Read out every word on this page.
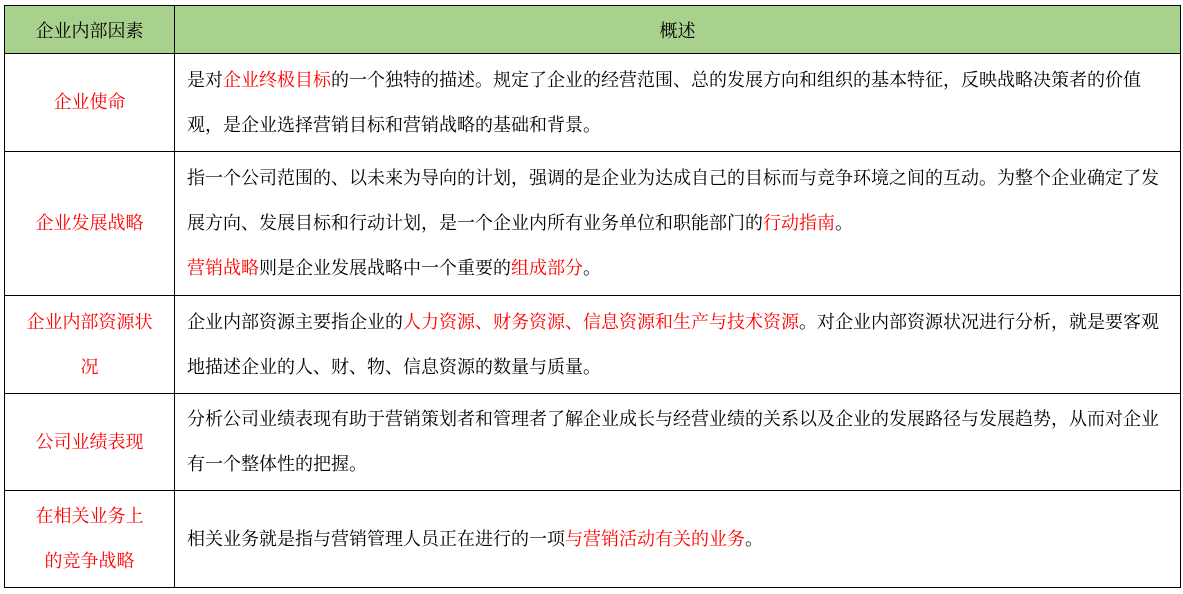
企业内部因素	概述
企业使命	是对企业终极目标的一个独特的描述。规定了企业的经营范围、总的发展方向和组织的基本特征，反映战略决策者的价值观，是企业选择营销目标和营销战略的基础和背景。
企业发展战略	指一个公司范围的、以未来为导向的计划，强调的是企业为达成自己的目标而与竞争环境之间的互动。为整个企业确定了发展方向、发展目标和行动计划，是一个企业内所有业务单位和职能部门的行动指南。
营销战略则是企业发展战略中一个重要的组成部分。
企业内部资源状况	企业内部资源主要指企业的人力资源、财务资源、信息资源和生产与技术资源。对企业内部资源状况进行分析，就是要客观地描述企业的人、财、物、信息资源的数量与质量。
公司业绩表现	分析公司业绩表现有助于营销策划者和管理者了解企业成长与经营业绩的关系以及企业的发展路径与发展趋势，从而对企业有一个整体性的把握。
在相关业务上的竞争战略	相关业务就是指与营销管理人员正在进行的一项与营销活动有关的业务。
